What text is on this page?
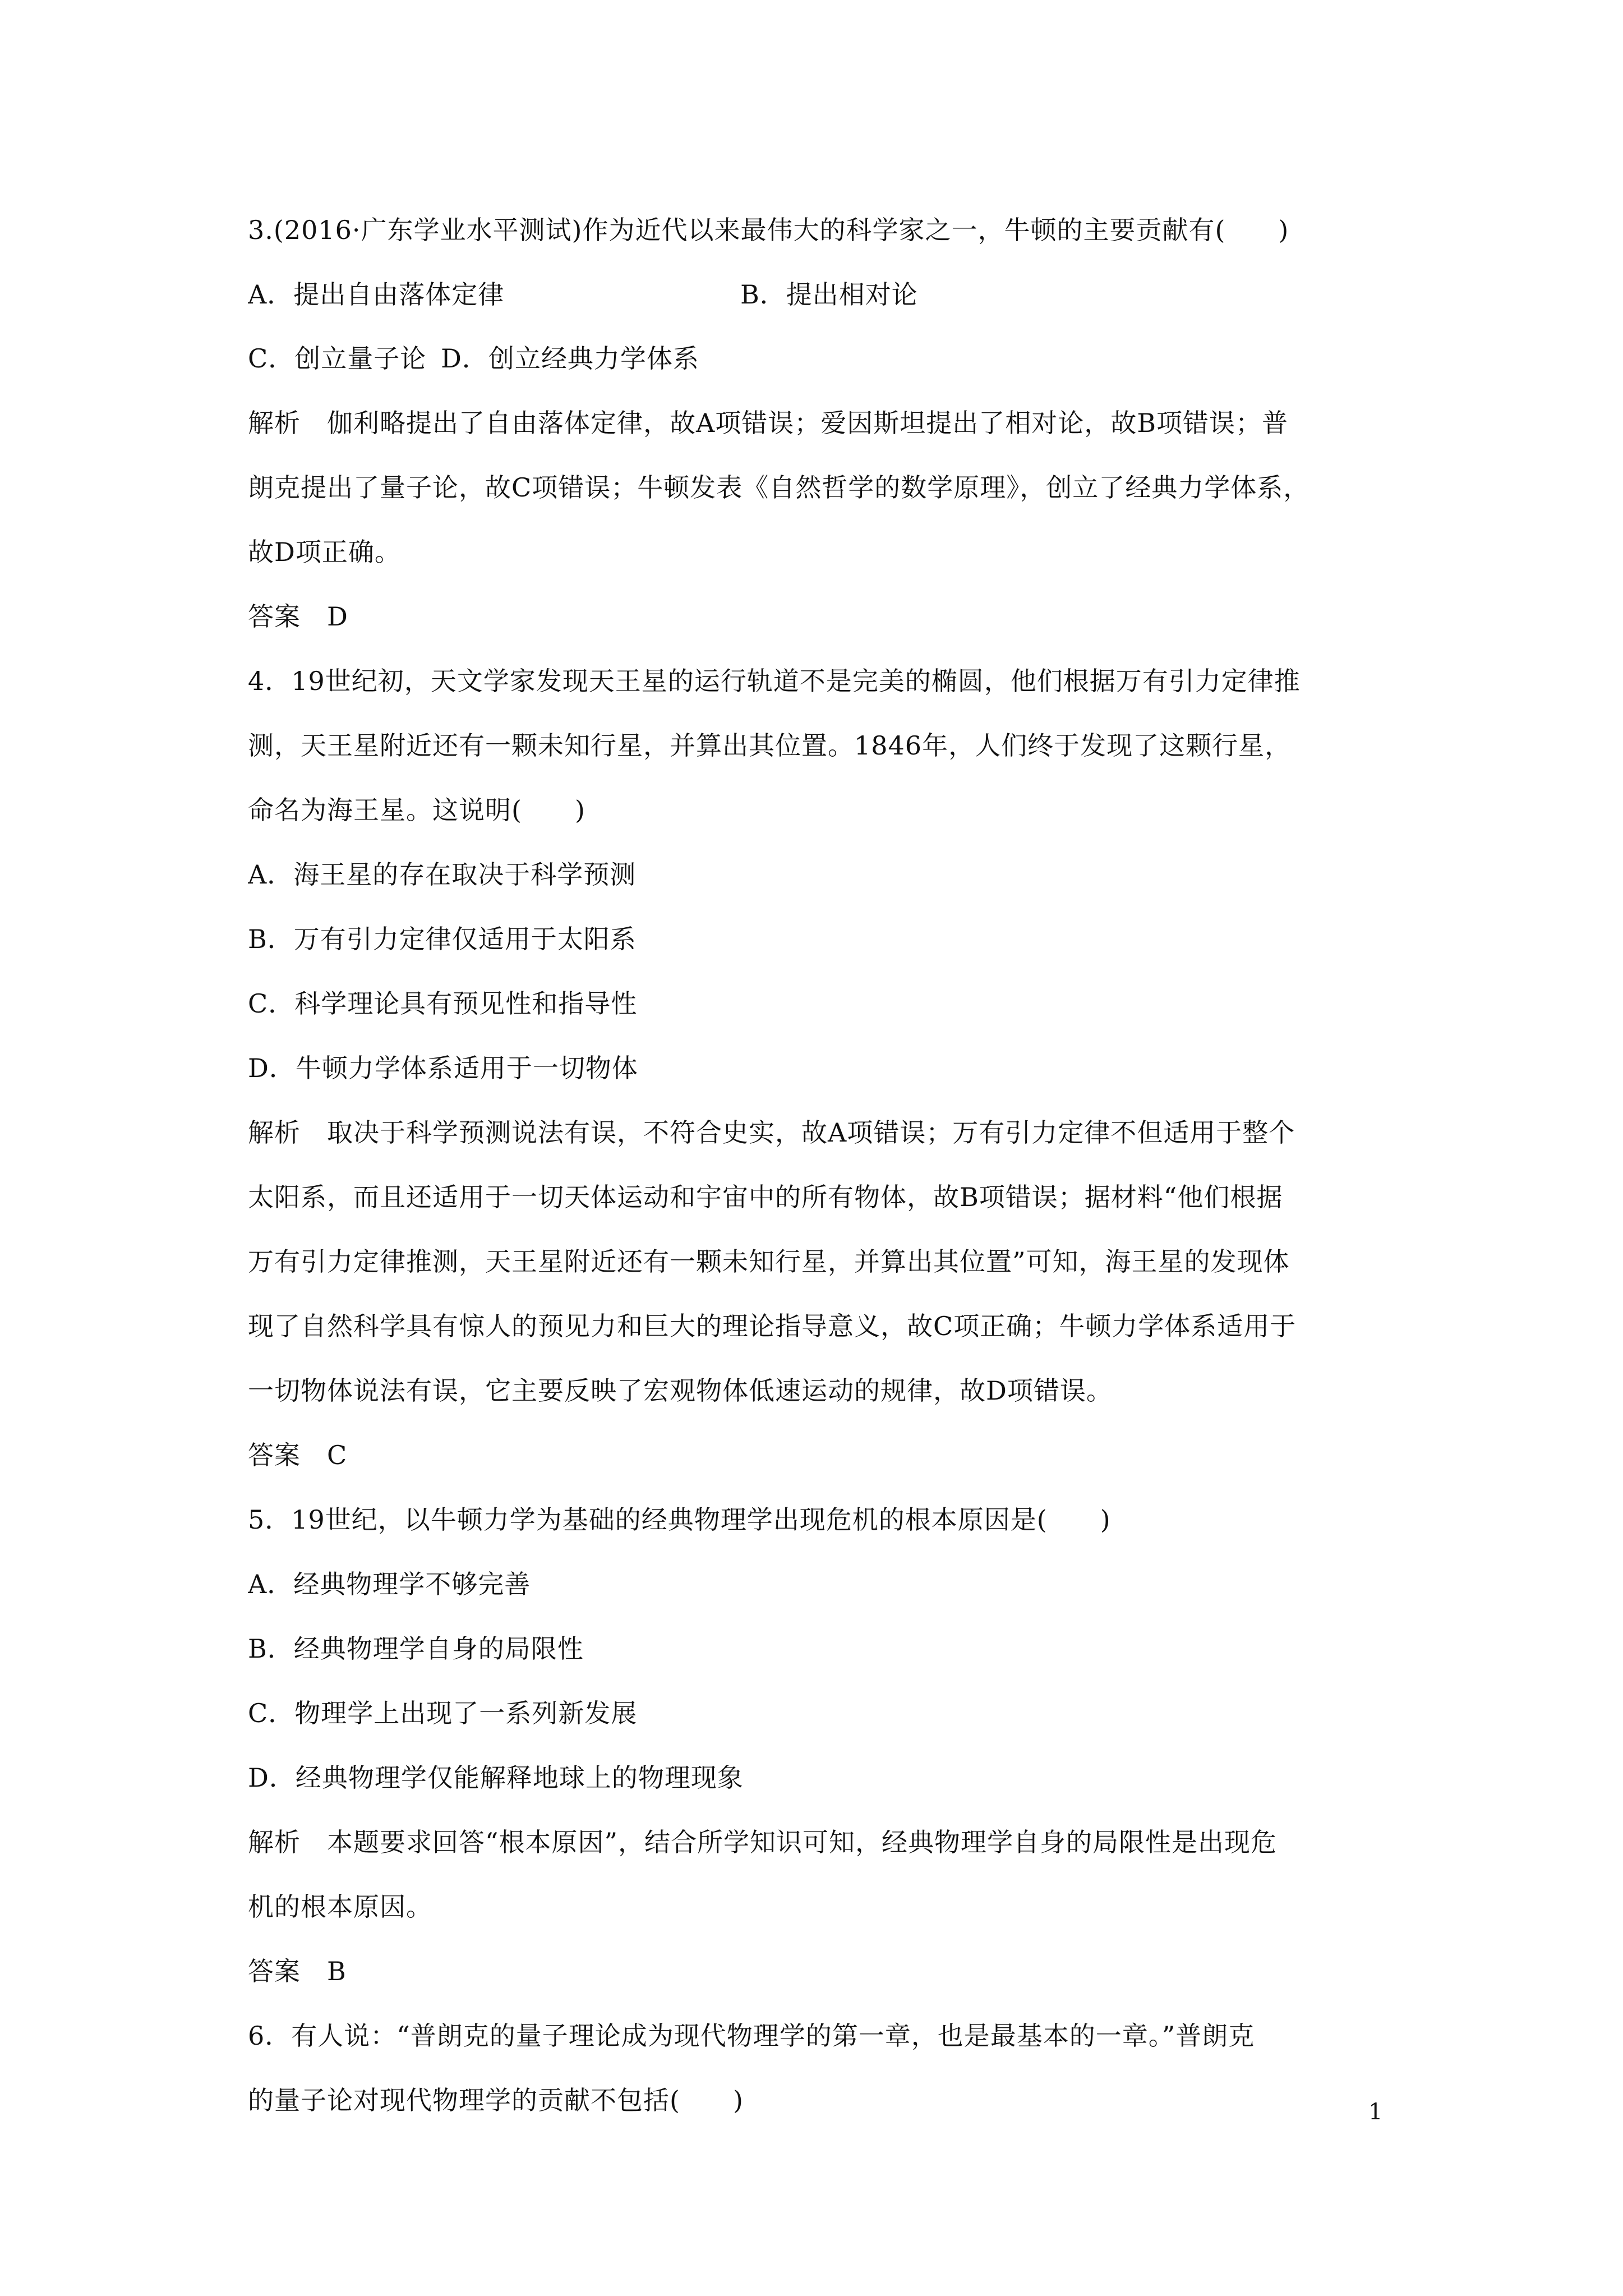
3.(2016·广东学业水平测试)作为近代以来最伟大的科学家之一，牛顿的主要贡献有(　　)
A．提出自由落体定律	B．提出相对论
C．创立量子论 D．创立经典力学体系
解析　伽利略提出了自由落体定律，故A项错误；爱因斯坦提出了相对论，故B项错误；普
朗克提出了量子论，故C项错误；牛顿发表《自然哲学的数学原理》，创立了经典力学体系，
故D项正确。
答案　D
4．19世纪初，天文学家发现天王星的运行轨道不是完美的椭圆，他们根据万有引力定律推
测，天王星附近还有一颗未知行星，并算出其位置。1846年，人们终于发现了这颗行星，
命名为海王星。这说明(　　)
A．海王星的存在取决于科学预测
B．万有引力定律仅适用于太阳系
C．科学理论具有预见性和指导性
D．牛顿力学体系适用于一切物体
解析　取决于科学预测说法有误，不符合史实，故A项错误；万有引力定律不但适用于整个
太阳系，而且还适用于一切天体运动和宇宙中的所有物体，故B项错误；据材料“他们根据
万有引力定律推测，天王星附近还有一颗未知行星，并算出其位置”可知，海王星的发现体
现了自然科学具有惊人的预见力和巨大的理论指导意义，故C项正确；牛顿力学体系适用于
一切物体说法有误，它主要反映了宏观物体低速运动的规律，故D项错误。
答案　C
5．19世纪，以牛顿力学为基础的经典物理学出现危机的根本原因是(　　)
A．经典物理学不够完善
B．经典物理学自身的局限性
C．物理学上出现了一系列新发展
D．经典物理学仅能解释地球上的物理现象
解析　本题要求回答“根本原因”，结合所学知识可知，经典物理学自身的局限性是出现危
机的根本原因。
答案　B
6．有人说：“普朗克的量子理论成为现代物理学的第一章，也是最基本的一章。”普朗克
的量子论对现代物理学的贡献不包括(　　)	1
